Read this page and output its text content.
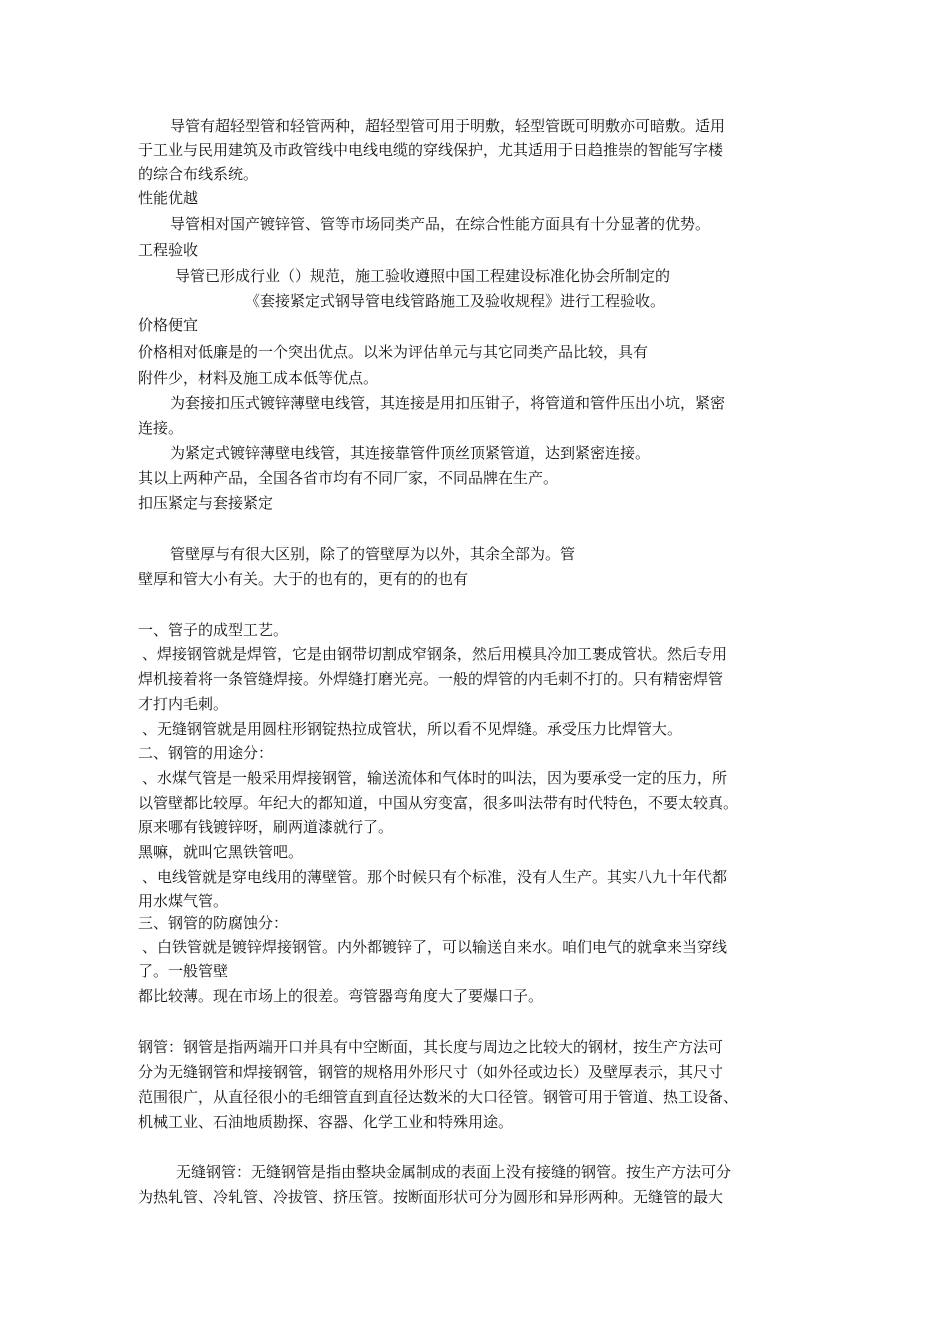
导管有超轻型管和轻管两种，超轻型管可用于明敷，轻型管既可明敷亦可暗敷。适用
于工业与民用建筑及市政管线中电线电缆的穿线保护，尤其适用于日趋推崇的智能写字楼
的综合布线系统。
性能优越
导管相对国产镀锌管、管等市场同类产品，在综合性能方面具有十分显著的优势。
工程验收
导管已形成行业（）规范，施工验收遵照中国工程建设标准化协会所制定的
《套接紧定式钢导管电线管路施工及验收规程》进行工程验收。
价格便宜
价格相对低廉是的一个突出优点。以米为评估单元与其它同类产品比较，具有
附件少，材料及施工成本低等优点。
为套接扣压式镀锌薄壁电线管，其连接是用扣压钳子，将管道和管件压出小坑，紧密
连接。
为紧定式镀锌薄壁电线管，其连接靠管件顶丝顶紧管道，达到紧密连接。
其以上两种产品，全国各省市均有不同厂家，不同品牌在生产。
扣压紧定与套接紧定
管壁厚与有很大区别，除了的管壁厚为以外，其余全部为。管
壁厚和管大小有关。大于的也有的，更有的的也有
一、管子的成型工艺。
、焊接钢管就是焊管，它是由钢带切割成窄钢条，然后用模具冷加工裹成管状。然后专用
焊机接着将一条管缝焊接。外焊缝打磨光亮。一般的焊管的内毛刺不打的。只有精密焊管
才打内毛刺。
、无缝钢管就是用圆柱形钢锭热拉成管状，所以看不见焊缝。承受压力比焊管大。
二、钢管的用途分：
、水煤气管是一般采用焊接钢管，输送流体和气体时的叫法，因为要承受一定的压力，所
以管壁都比较厚。年纪大的都知道，中国从穷变富，很多叫法带有时代特色，不要太较真。
原来哪有钱镀锌呀，刷两道漆就行了。
黑嘛，就叫它黑铁管吧。
、电线管就是穿电线用的薄壁管。那个时候只有个标准，没有人生产。其实八九十年代都
用水煤气管。
三、钢管的防腐蚀分：
、白铁管就是镀锌焊接钢管。内外都镀锌了，可以输送自来水。咱们电气的就拿来当穿线
了。一般管壁
都比较薄。现在市场上的很差。弯管器弯角度大了要爆口子。
钢管：钢管是指两端开口并具有中空断面，其长度与周边之比较大的钢材，按生产方法可
分为无缝钢管和焊接钢管，钢管的规格用外形尺寸（如外径或边长）及壁厚表示，其尺寸
范围很广，从直径很小的毛细管直到直径达数米的大口径管。钢管可用于管道、热工设备、
机械工业、石油地质勘探、容器、化学工业和特殊用途。
无缝钢管：无缝钢管是指由整块金属制成的表面上没有接缝的钢管。按生产方法可分
为热轧管、冷轧管、冷拔管、挤压管。按断面形状可分为圆形和异形两种。无缝管的最大
